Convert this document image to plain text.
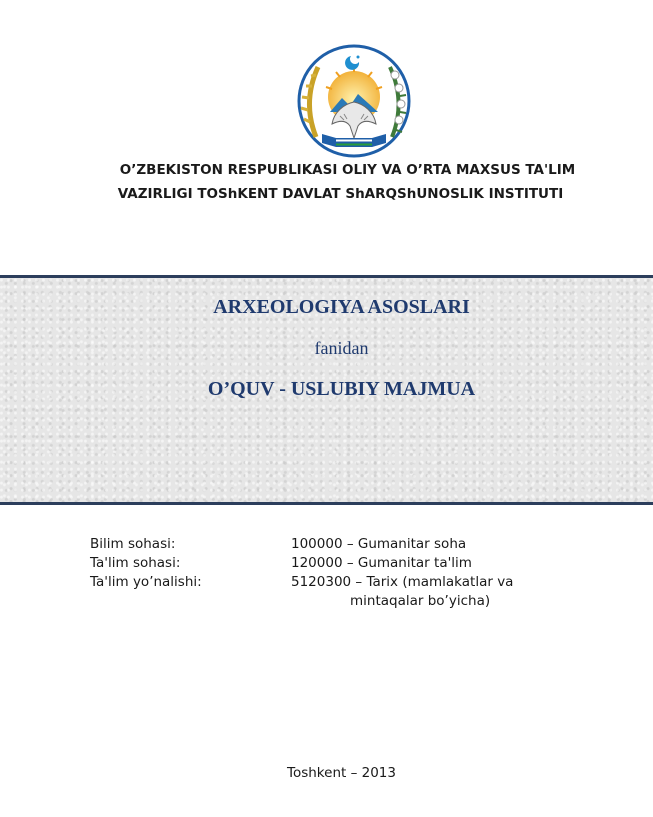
O’ZBEKISTON RESPUBLIKASI OLIY VA O’RTA MAXSUS TA'LIM
VAZIRLIGI TOShKENT DAVLAT ShARQShUNOSLIK INSTITUTI
ARXEOLOGIYA ASOSLARI
fanidan
O’QUV - USLUBIY MAJMUA
Bilim sohasi:	100000 – Gumanitar soha
Ta'lim sohasi:	120000 – Gumanitar ta'lim
Ta'lim yo’nalishi:	5120300 – Tarix (mamlakatlar va
mintaqalar bo’yicha)
Toshkent – 2013
